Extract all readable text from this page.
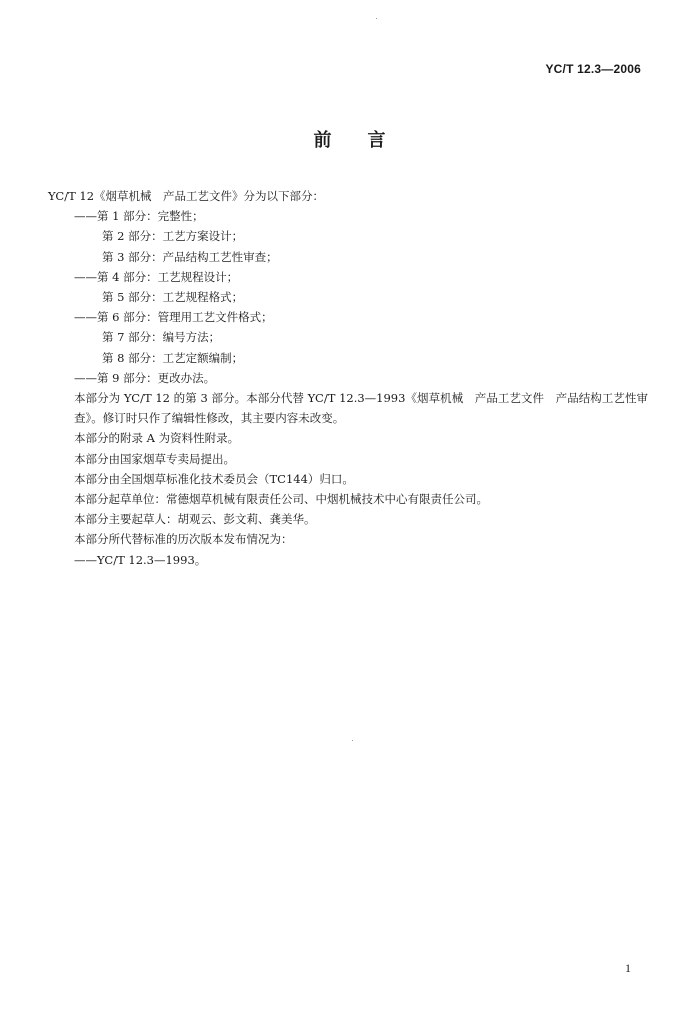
YC/T 12.3—2006
前言
YC/T 12《烟草机械　产品工艺文件》分为以下部分：
——第 1 部分：完整性；
第 2 部分：工艺方案设计；
第 3 部分：产品结构工艺性审查；
——第 4 部分：工艺规程设计；
第 5 部分：工艺规程格式；
——第 6 部分：管理用工艺文件格式；
第 7 部分：编号方法；
第 8 部分：工艺定额编制；
——第 9 部分：更改办法。
本部分为 YC/T 12 的第 3 部分。本部分代替 YC/T 12.3—1993《烟草机械　产品工艺文件　产品结构工艺性审查》。修订时只作了编辑性修改，其主要内容未改变。
本部分的附录 A 为资料性附录。
本部分由国家烟草专卖局提出。
本部分由全国烟草标准化技术委员会（TC144）归口。
本部分起草单位：常德烟草机械有限责任公司、中烟机械技术中心有限责任公司。
本部分主要起草人：胡观云、彭文莉、龚美华。
本部分所代替标准的历次版本发布情况为：
——YC/T 12.3—1993。
1
